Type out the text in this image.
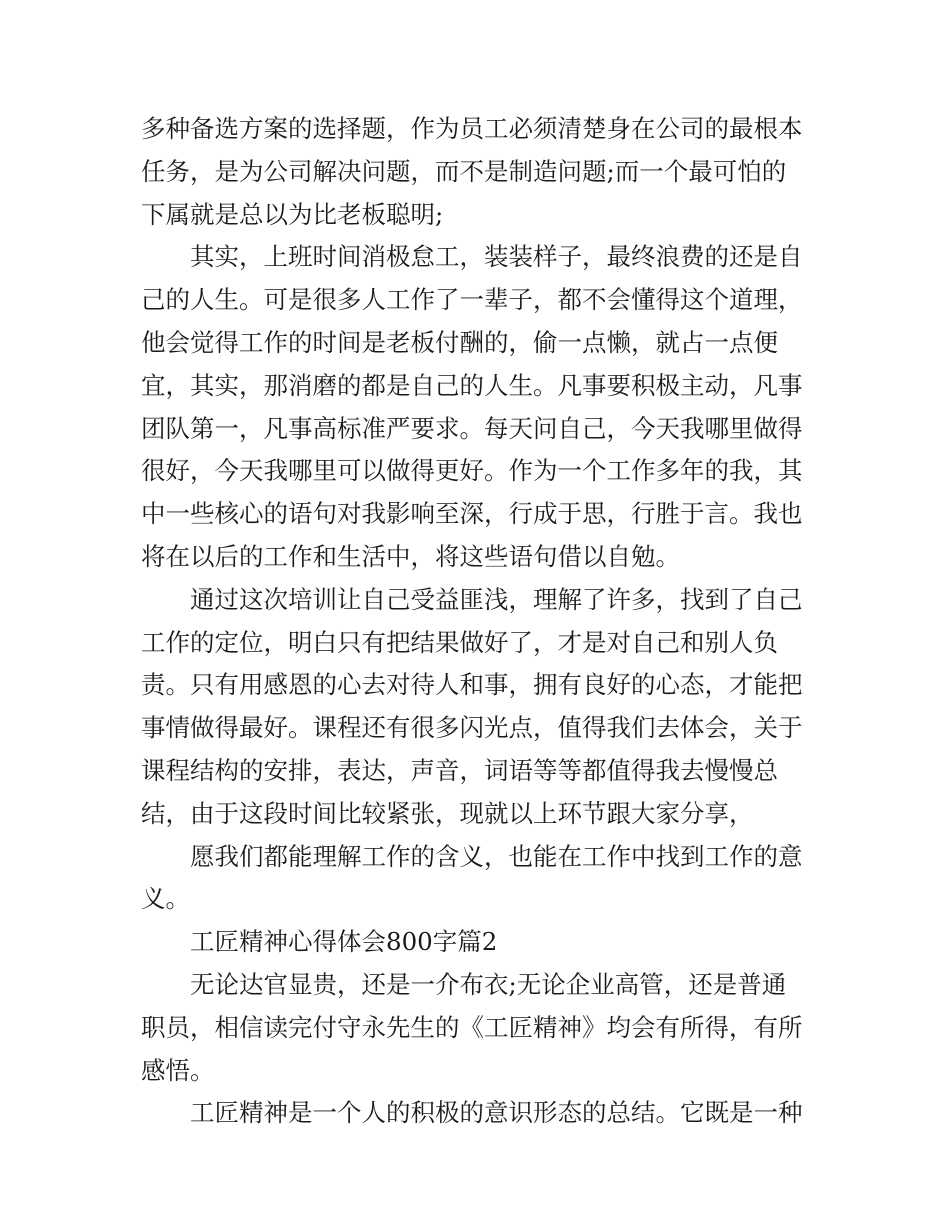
多种备选方案的选择题，作为员工必须清楚身在公司的最根本
任务，是为公司解决问题，而不是制造问题;而一个最可怕的
下属就是总以为比老板聪明;
其实，上班时间消极怠工，装装样子，最终浪费的还是自
己的人生。可是很多人工作了一辈子，都不会懂得这个道理，
他会觉得工作的时间是老板付酬的，偷一点懒，就占一点便
宜，其实，那消磨的都是自己的人生。凡事要积极主动，凡事
团队第一，凡事高标准严要求。每天问自己，今天我哪里做得
很好，今天我哪里可以做得更好。作为一个工作多年的我，其
中一些核心的语句对我影响至深，行成于思，行胜于言。我也
将在以后的工作和生活中，将这些语句借以自勉。
通过这次培训让自己受益匪浅，理解了许多，找到了自己
工作的定位，明白只有把结果做好了，才是对自己和别人负
责。只有用感恩的心去对待人和事，拥有良好的心态，才能把
事情做得最好。课程还有很多闪光点，值得我们去体会，关于
课程结构的安排，表达，声音，词语等等都值得我去慢慢总
结，由于这段时间比较紧张，现就以上环节跟大家分享，
愿我们都能理解工作的含义，也能在工作中找到工作的意
义。
工匠精神心得体会800字篇2
无论达官显贵，还是一介布衣;无论企业高管，还是普通
职员，相信读完付守永先生的《工匠精神》均会有所得，有所
感悟。
工匠精神是一个人的积极的意识形态的总结。它既是一种
